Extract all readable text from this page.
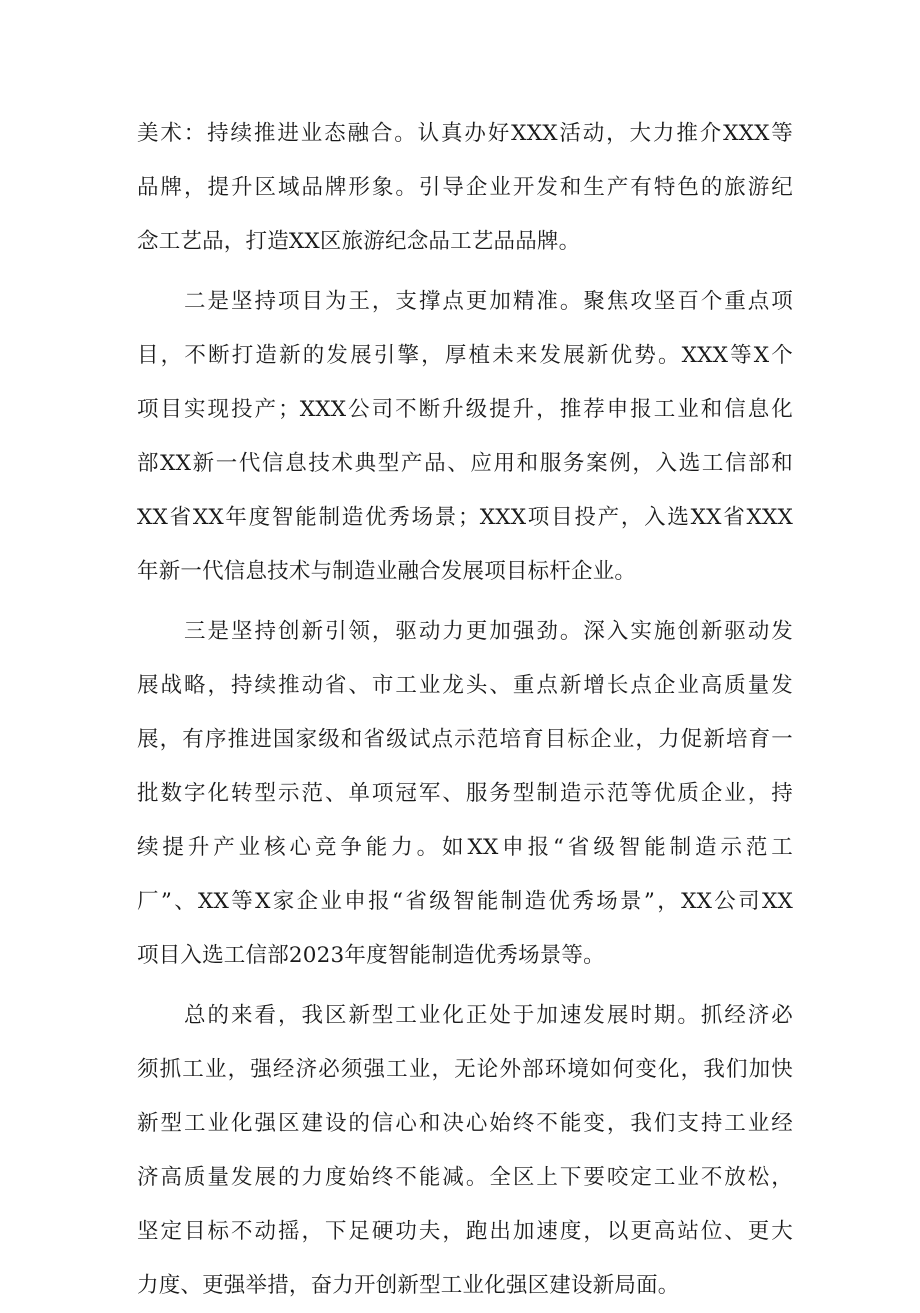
美术：持续推进业态融合。认真办好XXX活动，大力推介XXX等
品牌，提升区域品牌形象。引导企业开发和生产有特色的旅游纪
念工艺品，打造XX区旅游纪念品工艺品品牌。
二是坚持项目为王，支撑点更加精准。聚焦攻坚百个重点项
目，不断打造新的发展引擎，厚植未来发展新优势。XXX等X个
项目实现投产；XXX公司不断升级提升，推荐申报工业和信息化
部XX新一代信息技术典型产品、应用和服务案例，入选工信部和
XX省XX年度智能制造优秀场景；XXX项目投产，入选XX省XXX
年新一代信息技术与制造业融合发展项目标杆企业。
三是坚持创新引领，驱动力更加强劲。深入实施创新驱动发
展战略，持续推动省、市工业龙头、重点新增长点企业高质量发
展，有序推进国家级和省级试点示范培育目标企业，力促新培育一
批数字化转型示范、单项冠军、服务型制造示范等优质企业，持
续提升产业核心竞争能力。如XX申报“省级智能制造示范工
厂”、XX等X家企业申报“省级智能制造优秀场景”，XX公司XX
项目入选工信部2023年度智能制造优秀场景等。
总的来看，我区新型工业化正处于加速发展时期。抓经济必
须抓工业，强经济必须强工业，无论外部环境如何变化，我们加快
新型工业化强区建设的信心和决心始终不能变，我们支持工业经
济高质量发展的力度始终不能减。全区上下要咬定工业不放松，
坚定目标不动摇，下足硬功夫，跑出加速度，以更高站位、更大
力度、更强举措，奋力开创新型工业化强区建设新局面。
